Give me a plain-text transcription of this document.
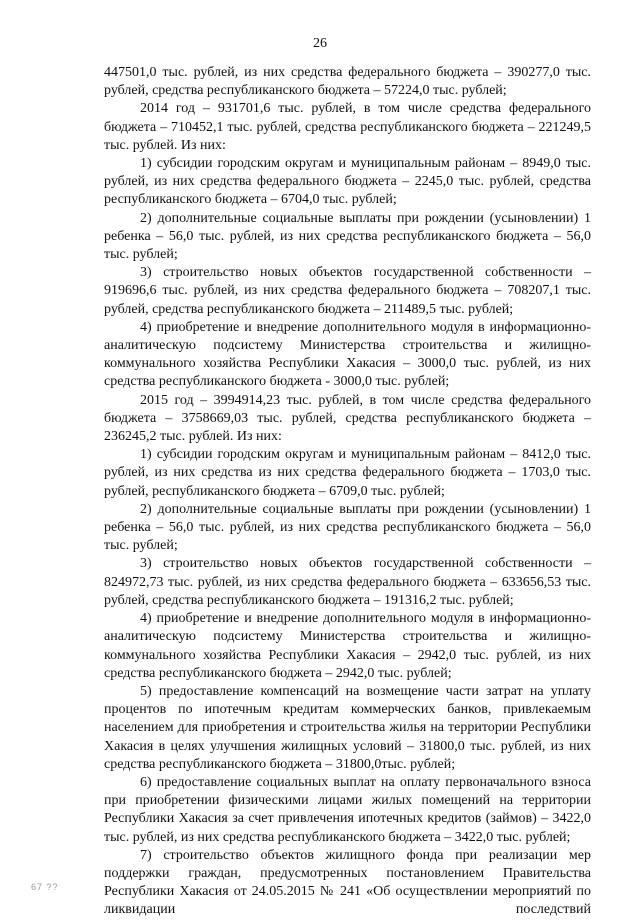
26

447501,0 тыс. рублей, из них средства федерального бюджета – 390277,0 тыс. рублей, средства республиканского бюджета – 57224,0 тыс. рублей;

2014 год – 931701,6 тыс. рублей, в том числе средства федерального бюджета – 710452,1 тыс. рублей, средства республиканского бюджета – 221249,5 тыс. рублей. Из них:

1) субсидии городским округам и муниципальным районам – 8949,0 тыс. рублей, из них средства федерального бюджета – 2245,0 тыс. рублей, средства республиканского бюджета – 6704,0 тыс. рублей;

2) дополнительные социальные выплаты при рождении (усыновлении) 1 ребенка – 56,0 тыс. рублей, из них средства республиканского бюджета – 56,0 тыс. рублей;

3) строительство новых объектов государственной собственности – 919696,6 тыс. рублей, из них средства федерального бюджета – 708207,1 тыс. рублей, средства республиканского бюджета – 211489,5 тыс. рублей;

4) приобретение и внедрение дополнительного модуля в информационно-аналитическую подсистему Министерства строительства и жилищно-коммунального хозяйства Республики Хакасия – 3000,0 тыс. рублей, из них средства республиканского бюджета - 3000,0 тыс. рублей;

2015 год – 3994914,23 тыс. рублей, в том числе средства федерального бюджета – 3758669,03 тыс. рублей, средства республиканского бюджета – 236245,2 тыс. рублей. Из них:

1) субсидии городским округам и муниципальным районам – 8412,0 тыс. рублей, из них средства из них средства федерального бюджета – 1703,0 тыс. рублей, республиканского бюджета – 6709,0 тыс. рублей;

2) дополнительные социальные выплаты при рождении (усыновлении) 1 ребенка – 56,0 тыс. рублей, из них средства республиканского бюджета – 56,0 тыс. рублей;

3) строительство новых объектов государственной собственности – 824972,73 тыс. рублей, из них средства федерального бюджета – 633656,53 тыс. рублей, средства республиканского бюджета – 191316,2 тыс. рублей;

4) приобретение и внедрение дополнительного модуля в информационно-аналитическую подсистему Министерства строительства и жилищно-коммунального хозяйства Республики Хакасия – 2942,0 тыс. рублей, из них средства республиканского бюджета – 2942,0 тыс. рублей;

5) предоставление компенсаций на возмещение части затрат на уплату процентов по ипотечным кредитам коммерческих банков, привлекаемым населением для приобретения и строительства жилья на территории Республики Хакасия в целях улучшения жилищных условий – 31800,0 тыс. рублей, из них средства республиканского бюджета – 31800,0тыс. рублей;

6) предоставление социальных выплат на оплату первоначального взноса при приобретении физическими лицами жилых помещений на территории Республики Хакасия за счет привлечения ипотечных кредитов (займов) – 3422,0 тыс. рублей, из них средства республиканского бюджета – 3422,0 тыс. рублей;

7) строительство объектов жилищного фонда при реализации мер поддержки граждан, предусмотренных постановлением Правительства Республики Хакасия от 24.05.2015 № 241 «Об осуществлении мероприятий по ликвидации последствий

67 ??
